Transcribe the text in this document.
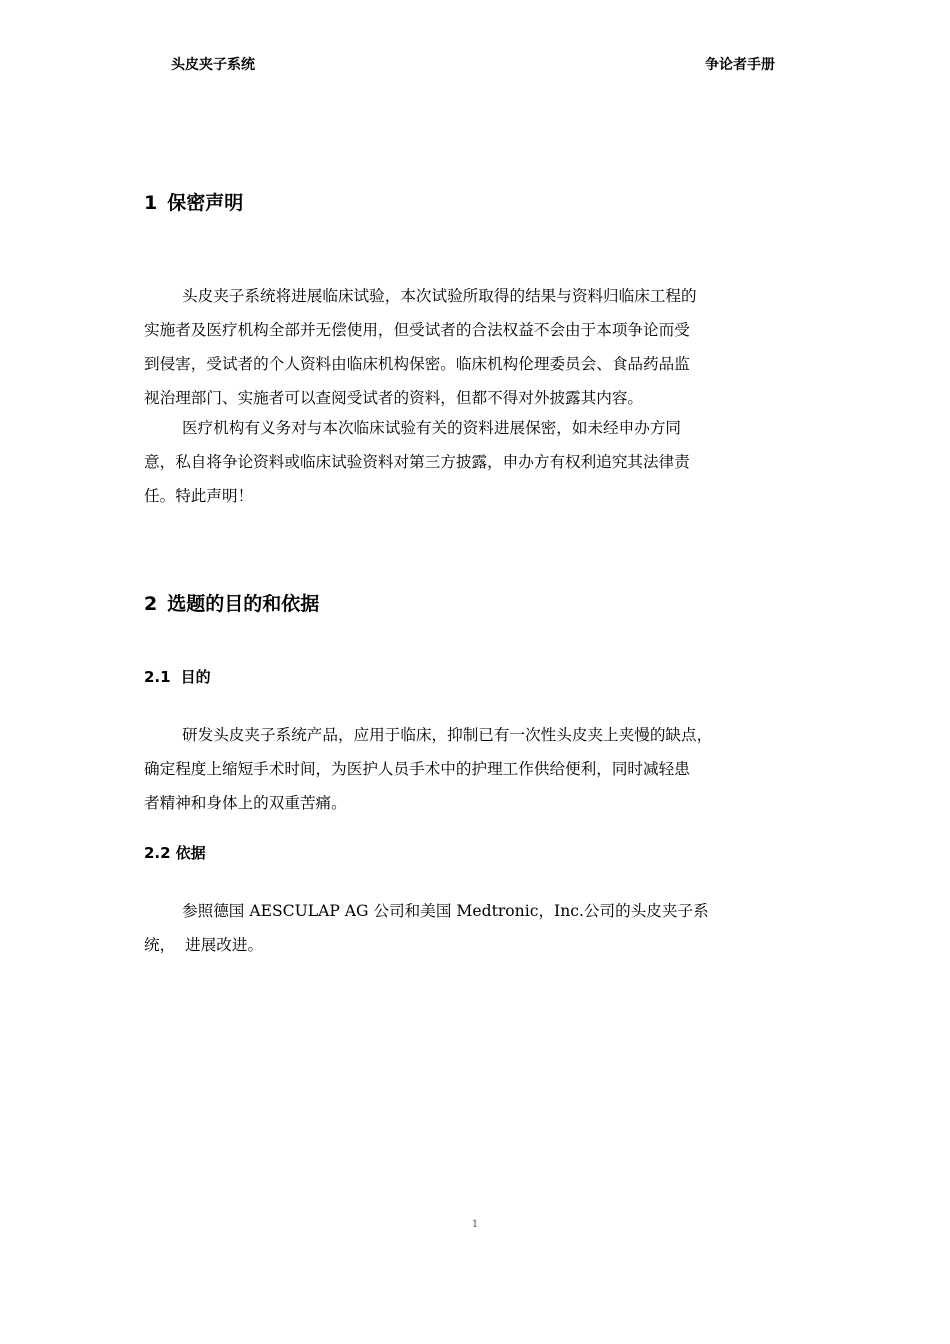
头皮夹子系统	争论者手册
1 保密声明
头皮夹子系统将进展临床试验，本次试验所取得的结果与资料归临床工程的
实施者及医疗机构全部并无偿使用，但受试者的合法权益不会由于本项争论而受
到侵害，受试者的个人资料由临床机构保密。临床机构伦理委员会、食品药品监
视治理部门、实施者可以查阅受试者的资料，但都不得对外披露其内容。
医疗机构有义务对与本次临床试验有关的资料进展保密，如未经申办方同
意，私自将争论资料或临床试验资料对第三方披露，申办方有权利追究其法律责
任。特此声明！
2 选题的目的和依据
2.1 目的
研发头皮夹子系统产品，应用于临床，抑制已有一次性头皮夹上夹慢的缺点，
确定程度上缩短手术时间，为医护人员手术中的护理工作供给便利，同时减轻患
者精神和身体上的双重苦痛。
2.2 依据
参照德国 AESCULAP AG 公司和美国 Medtronic，Inc.公司的头皮夹子系
统，  进展改进。
1
